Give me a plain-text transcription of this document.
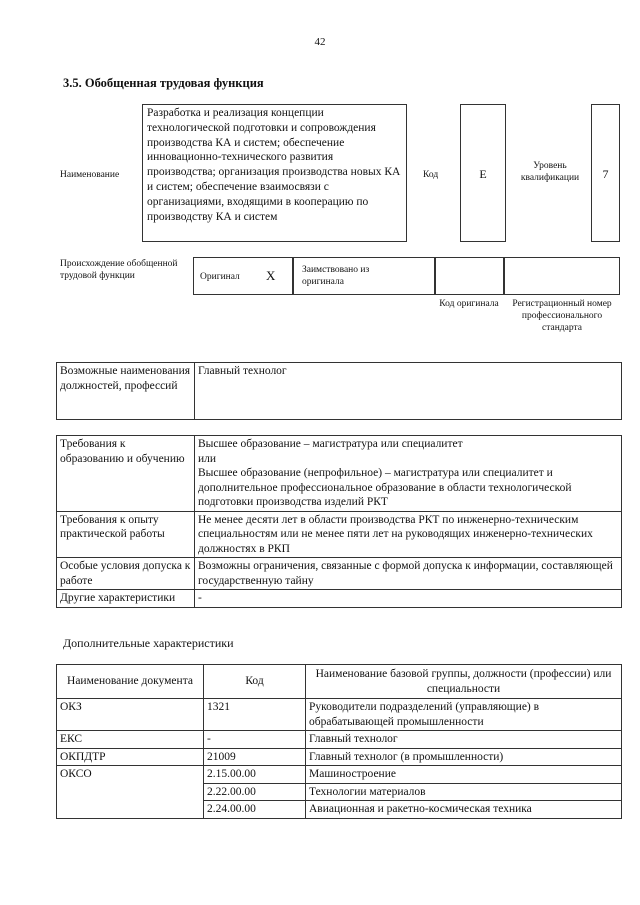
42
3.5. Обобщенная трудовая функция
Наименование
Разработка и реализация концепции технологической подготовки и сопровождения производства КА и систем; обеспечение инновационно-технического развития производства; организация производства новых КА и систем; обеспечение взаимосвязи с организациями, входящими в кооперацию по производству КА и систем
Код	E
Уровень квалификации	7
Происхождение обобщенной трудовой функции	Оригинал X	Заимствовано из оригинала
Код оригинала	Регистрационный номер профессионального стандарта
Возможные наименования должностей, профессий	Главный технолог
Требования к образованию и обучению	Высшее образование – магистратура или специалитет
или
Высшее образование (непрофильное) – магистратура или специалитет и дополнительное профессиональное образование в области технологической подготовки производства изделий РКТ

Требования к опыту практической работы	Не менее десяти лет в области производства РКТ по инженерно-техническим специальностям или не менее пяти лет на руководящих инженерно-технических должностях в РКП
Особые условия допуска к работе	Возможны ограничения, связанные с формой допуска к информации, составляющей государственную тайну
Другие характеристики	-
Дополнительные характеристики
Наименование документа	Код	Наименование базовой группы, должности (профессии) или специальности
ОКЗ	1321	Руководители подразделений (управляющие) в обрабатывающей промышленности
ЕКС	-	Главный технолог
ОКПДТР	21009	Главный технолог (в промышленности)
ОКСО	2.15.00.00	Машиностроение
	2.22.00.00	Технологии материалов
	2.24.00.00	Авиационная и ракетно-космическая техника
